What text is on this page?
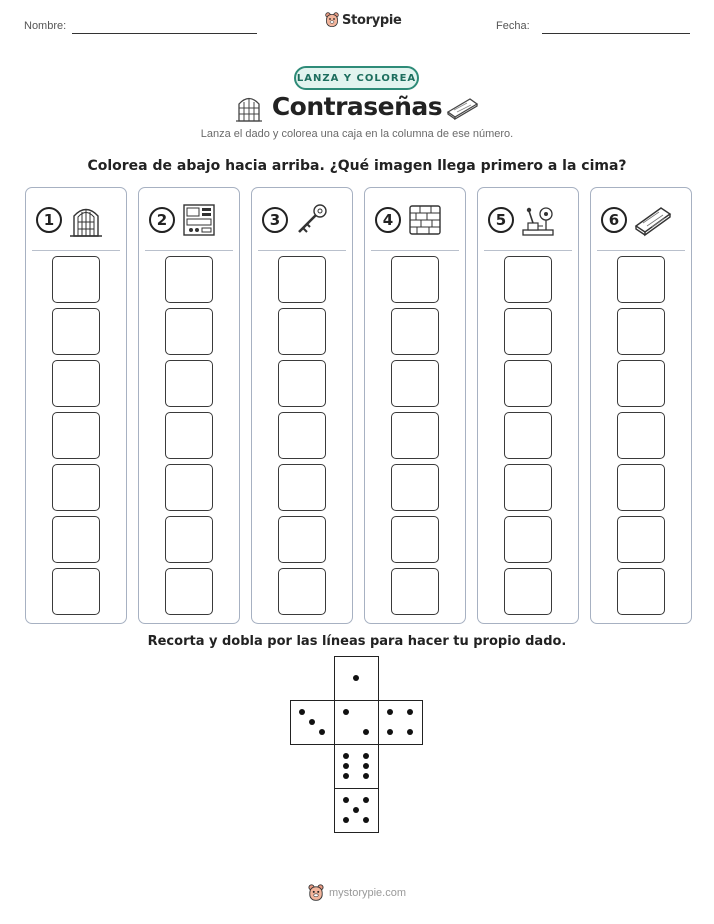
Nombre:	Storypie	Fecha:
LANZA Y COLOREA
Contraseñas
Lanza el dado y colorea una caja en la columna de ese número.
Colorea de abajo hacia arriba. ¿Qué imagen llega primero a la cima?
1	2	3	4	5	6
Recorta y dobla por las líneas para hacer tu propio dado.
mystorypie.com
